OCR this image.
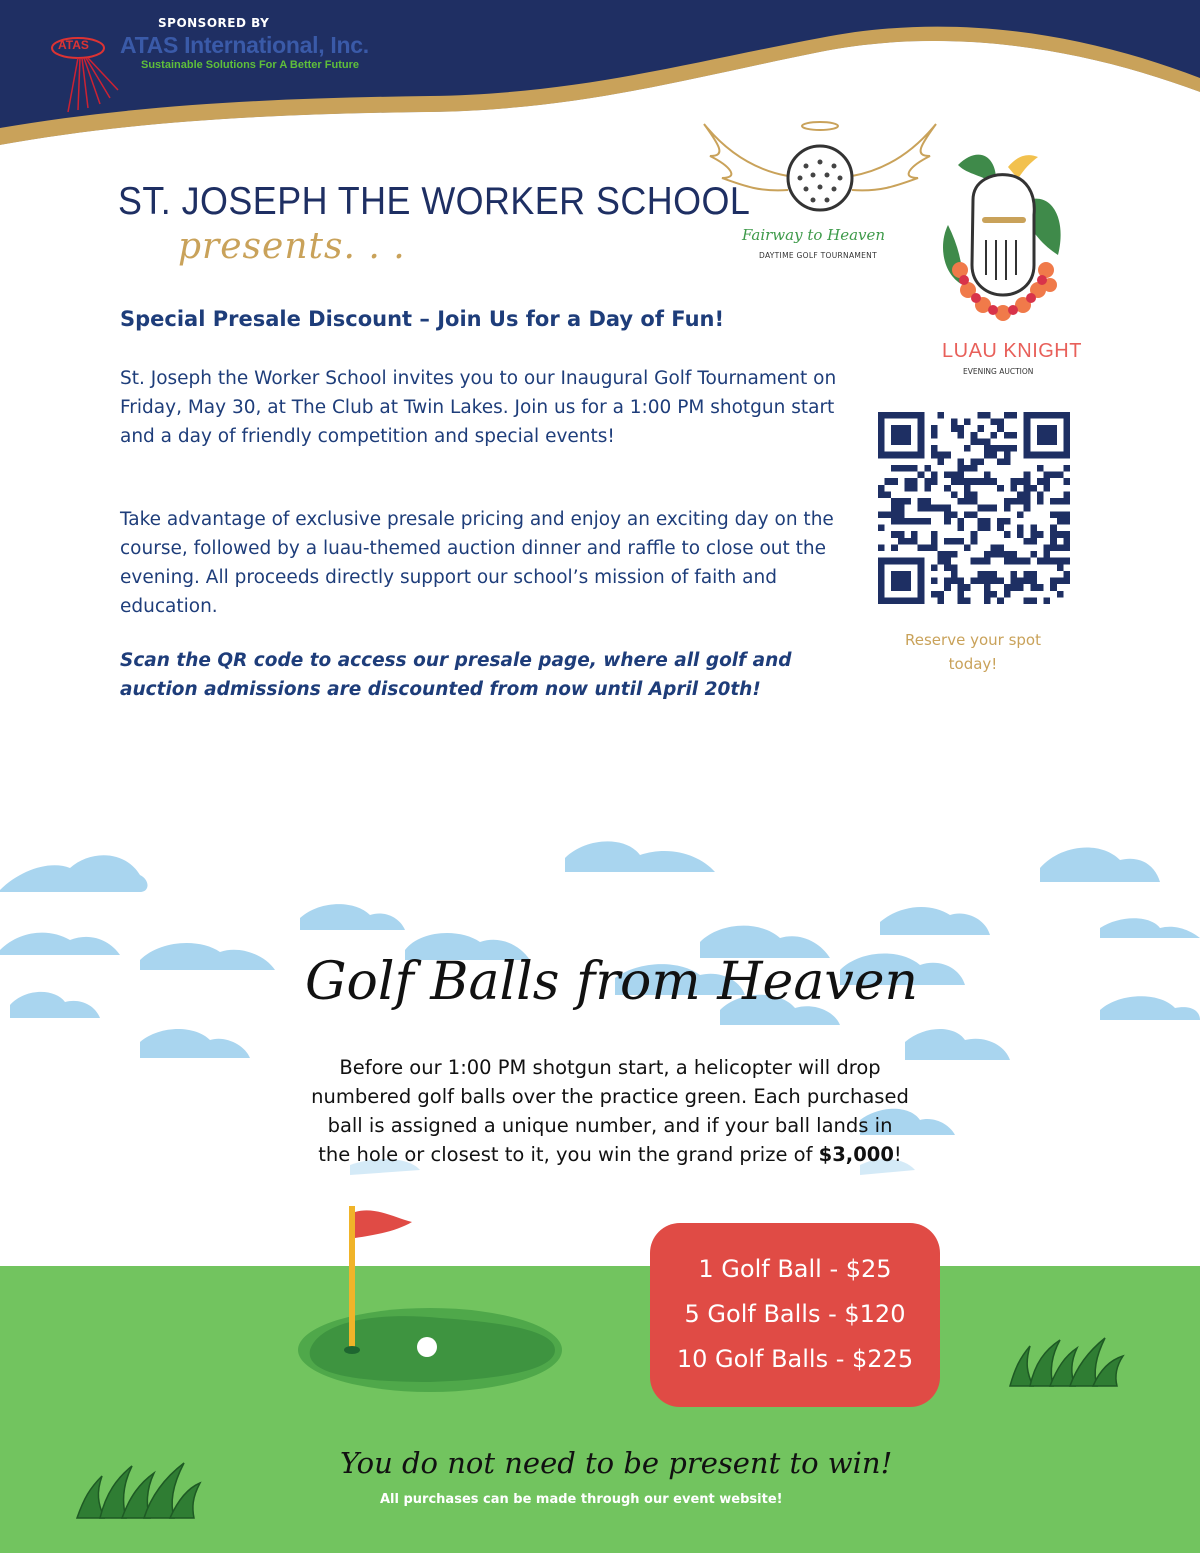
ATAS
SPONSORED BY
ATAS International, Inc.
Sustainable Solutions For A Better Future
ST. JOSEPH THE WORKER SCHOOL
presents. . .	Fairway to Heaven
DAYTIME GOLF TOURNAMENT
LUAU KNIGHT
EVENING AUCTION
Special Presale Discount – Join Us for a Day of Fun!
St. Joseph the Worker School invites you to our Inaugural Golf Tournament on Friday, May 30, at The Club at Twin Lakes. Join us for a 1:00 PM shotgun start and a day of friendly competition and special events!
Take advantage of exclusive presale pricing and enjoy an exciting day on the course, followed by a luau-themed auction dinner and raffle to close out the evening. All proceeds directly support our school’s mission of faith and education.
Scan the QR code to access our presale page, where all golf and auction admissions are discounted from now until April 20th!
Reserve your spot today!
Golf Balls from Heaven
Before our 1:00 PM shotgun start, a helicopter will drop numbered golf balls over the practice green. Each purchased ball is assigned a unique number, and if your ball lands in the hole or closest to it, you win the grand prize of $3,000!
1 Golf Ball - $25
5 Golf Balls - $120
10 Golf Balls - $225
You do not need to be present to win!
All purchases can be made through our event website!
